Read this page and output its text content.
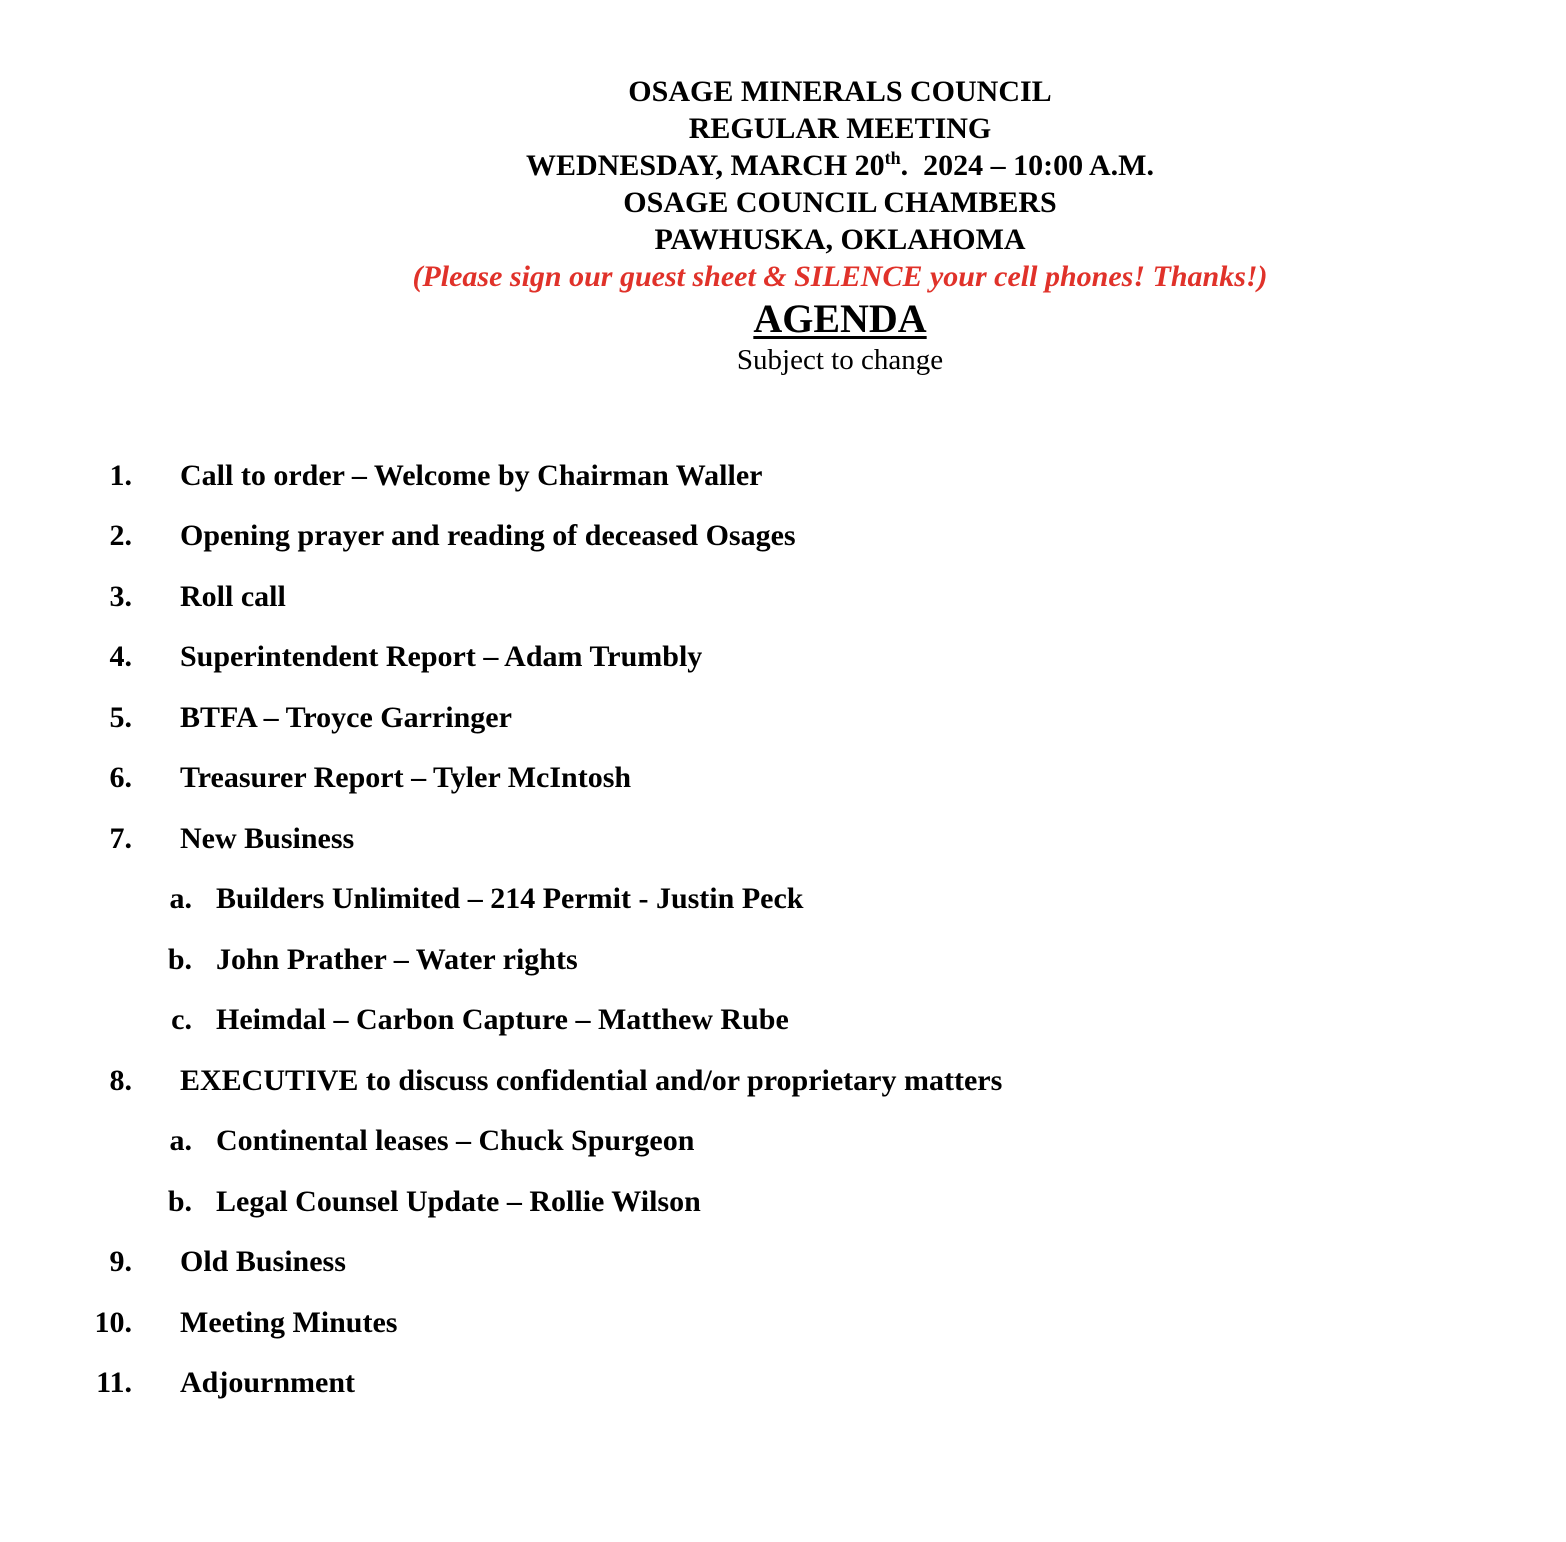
OSAGE MINERALS COUNCIL
REGULAR MEETING
WEDNESDAY, MARCH 20th.  2024 – 10:00 A.M.
OSAGE COUNCIL CHAMBERS
PAWHUSKA, OKLAHOMA
(Please sign our guest sheet & SILENCE your cell phones! Thanks!)
AGENDA
Subject to change
1. Call to order – Welcome by Chairman Waller
2. Opening prayer and reading of deceased Osages
3. Roll call
4. Superintendent Report – Adam Trumbly
5. BTFA – Troyce Garringer
6. Treasurer Report – Tyler McIntosh
7. New Business
a. Builders Unlimited – 214 Permit - Justin Peck
b. John Prather – Water rights
c. Heimdal – Carbon Capture – Matthew Rube
8. EXECUTIVE to discuss confidential and/or proprietary matters
a. Continental leases – Chuck Spurgeon
b. Legal Counsel Update – Rollie Wilson
9. Old Business
10. Meeting Minutes
11. Adjournment
